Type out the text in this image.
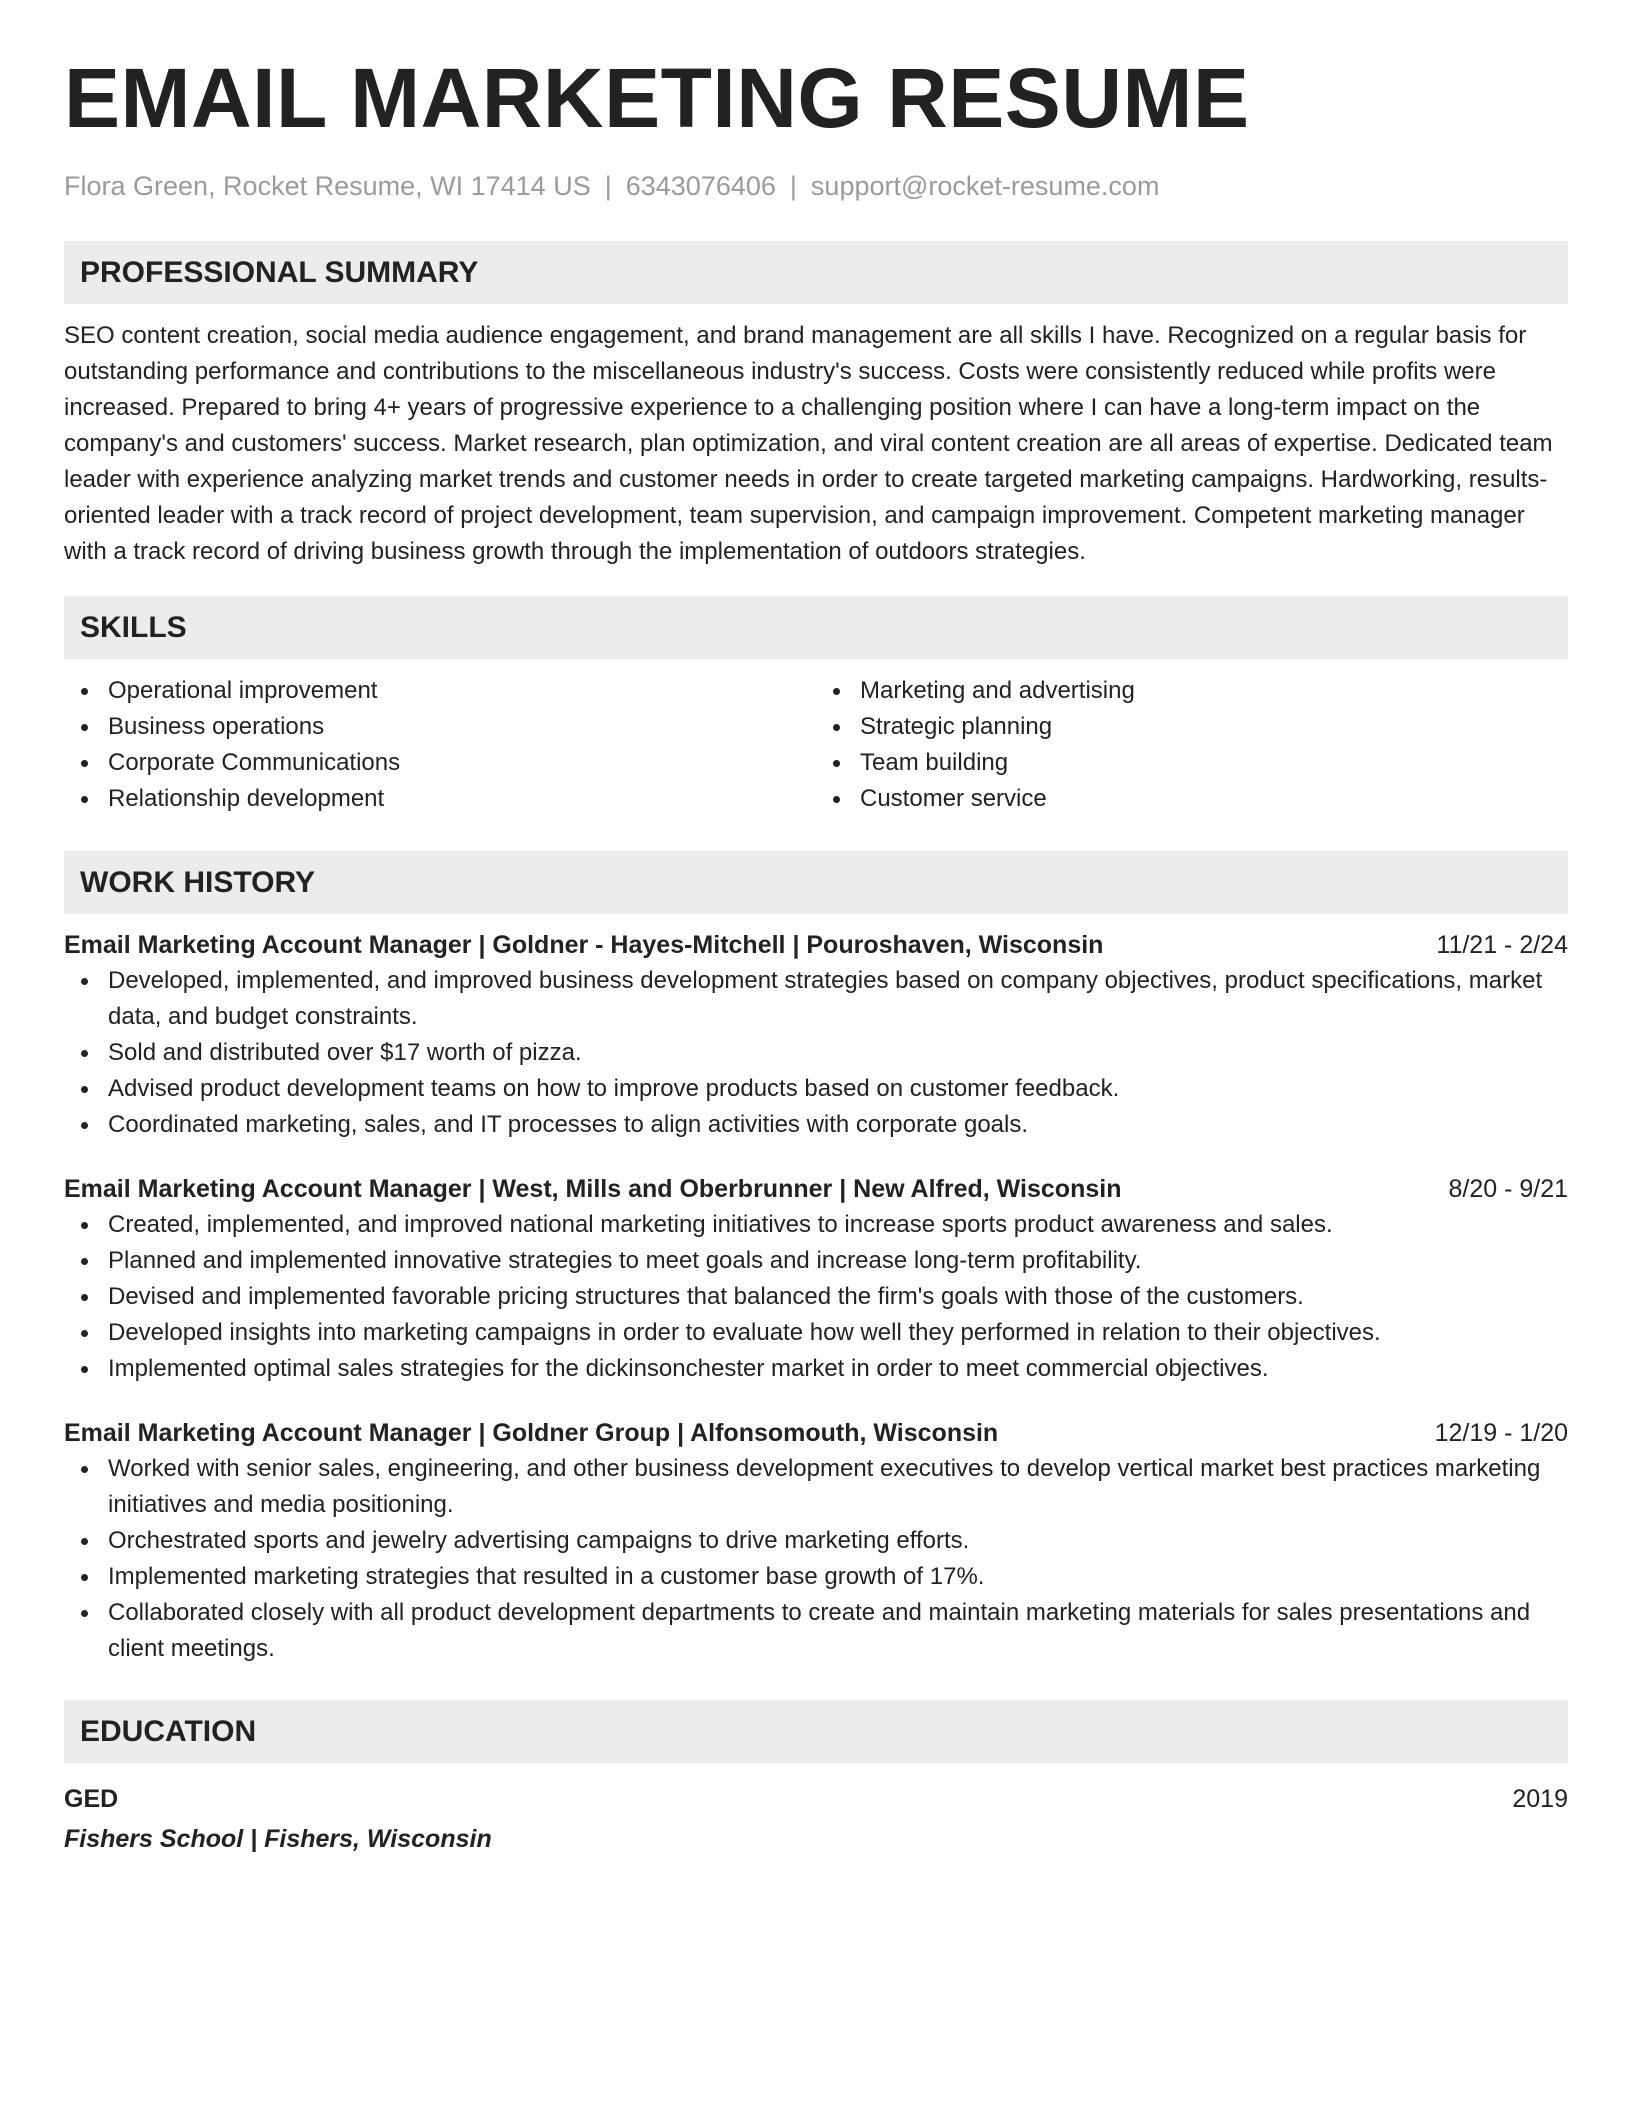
EMAIL MARKETING RESUME
Flora Green, Rocket Resume, WI 17414 US | 6343076406 | support@rocket-resume.com
PROFESSIONAL SUMMARY
SEO content creation, social media audience engagement, and brand management are all skills I have. Recognized on a regular basis for outstanding performance and contributions to the miscellaneous industry's success. Costs were consistently reduced while profits were increased. Prepared to bring 4+ years of progressive experience to a challenging position where I can have a long-term impact on the company's and customers' success. Market research, plan optimization, and viral content creation are all areas of expertise. Dedicated team leader with experience analyzing market trends and customer needs in order to create targeted marketing campaigns. Hardworking, results-oriented leader with a track record of project development, team supervision, and campaign improvement. Competent marketing manager with a track record of driving business growth through the implementation of outdoors strategies.
SKILLS
Operational improvement
Business operations
Corporate Communications
Relationship development
Marketing and advertising
Strategic planning
Team building
Customer service
WORK HISTORY
Email Marketing Account Manager | Goldner - Hayes-Mitchell | Pouroshaven, Wisconsin	11/21 - 2/24
Developed, implemented, and improved business development strategies based on company objectives, product specifications, market data, and budget constraints.
Sold and distributed over $17 worth of pizza.
Advised product development teams on how to improve products based on customer feedback.
Coordinated marketing, sales, and IT processes to align activities with corporate goals.
Email Marketing Account Manager | West, Mills and Oberbrunner | New Alfred, Wisconsin	8/20 - 9/21
Created, implemented, and improved national marketing initiatives to increase sports product awareness and sales.
Planned and implemented innovative strategies to meet goals and increase long-term profitability.
Devised and implemented favorable pricing structures that balanced the firm's goals with those of the customers.
Developed insights into marketing campaigns in order to evaluate how well they performed in relation to their objectives.
Implemented optimal sales strategies for the dickinsonchester market in order to meet commercial objectives.
Email Marketing Account Manager | Goldner Group | Alfonsomouth, Wisconsin	12/19 - 1/20
Worked with senior sales, engineering, and other business development executives to develop vertical market best practices marketing initiatives and media positioning.
Orchestrated sports and jewelry advertising campaigns to drive marketing efforts.
Implemented marketing strategies that resulted in a customer base growth of 17%.
Collaborated closely with all product development departments to create and maintain marketing materials for sales presentations and client meetings.
EDUCATION
GED	2019
Fishers School | Fishers, Wisconsin
